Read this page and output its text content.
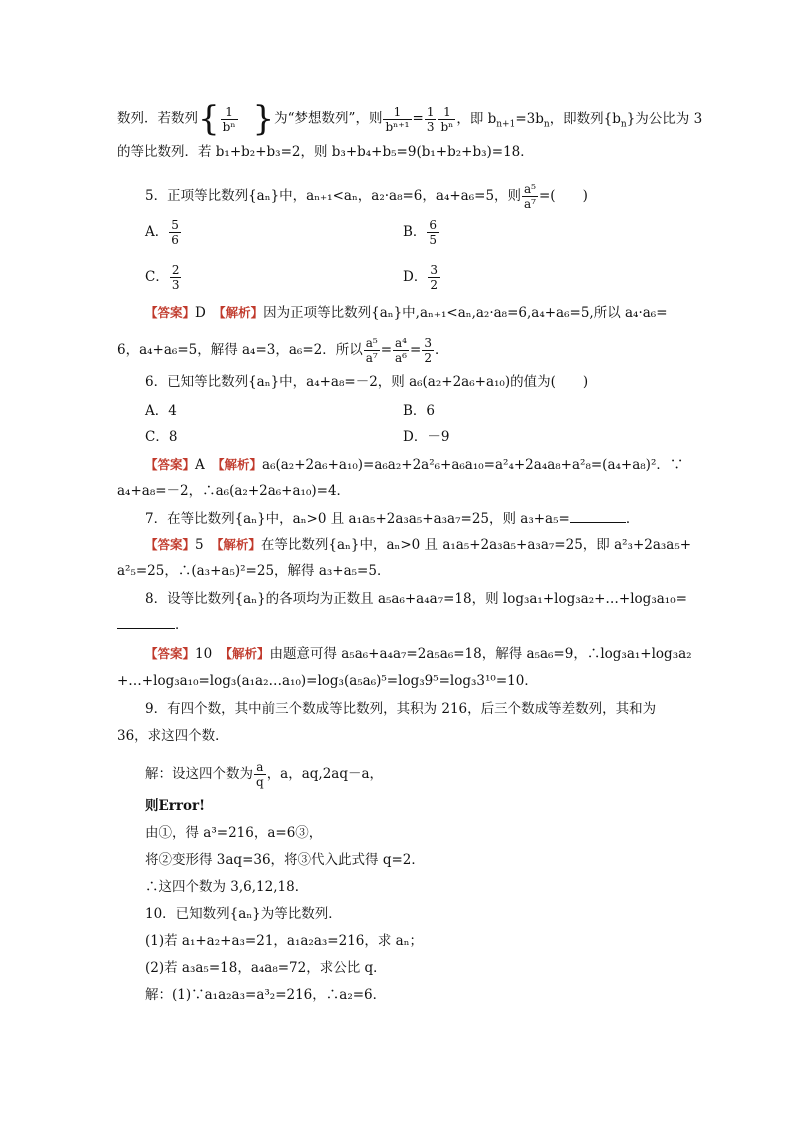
数列．若数列{ $\frac{1}{\text{bⁿ}}$ }为“梦想数列”，则 $\frac{1}{\text{bⁿ⁺¹}} = \frac{1}{3} \frac{1}{\text{bⁿ}}$ ，即 $b_{n+1}=3b_n$，即数列$\{b_n\}$为公比为 3
的等比数列．若 b₁+b₂+b₃=2，则 b₃+b₄+b₅=9(b₁+b₂+b₃)=18．
5．正项等比数列{aₙ}中，aₙ₊₁<aₙ，a₂·a₈=6，a₄+a₆=5，则 $\frac{\text{a⁵}}{\text{a⁷}}$ =(　　)
A． $\frac{5}{6}$	B． $\frac{6}{5}$
C． $\frac{2}{3}$	D． $\frac{3}{2}$
【答案】D　 【解析】因为正项等比数列{aₙ}中,aₙ₊₁<aₙ,a₂·a₈=6,a₄+a₆=5,所以 a₄·a₆=
6，a₄+a₆=5，解得 a₄=3，a₆=2．所以 $\frac{\text{a⁵}}{\text{a⁷}} = \frac{\text{a⁴}}{\text{a⁶}} = \frac{3}{2}$ ．
6．已知等比数列{aₙ}中，a₄+a₈=－2，则 a₆(a₂+2a₆+a₁₀)的值为(　　)
A．4	B．6
C．8	D．－9
【答案】A　 【解析】a₆(a₂+2a₆+a₁₀)=a₆a₂+2a²₆+a₆a₁₀=a²₄+2a₄a₈+a²₈=(a₄+a₈)²．∵
a₄+a₈=－2，∴a₆(a₂+2a₆+a₁₀)=4．
7．在等比数列{aₙ}中，aₙ>0 且 a₁a₅+2a₃a₅+a₃a₇=25，则 a₃+a₅=	．
【答案】5　 【解析】在等比数列{aₙ}中，aₙ>0 且 a₁a₅+2a₃a₅+a₃a₇=25，即 a²₃+2a₃a₅+
a²₅=25，∴(a₃+a₅)²=25，解得 a₃+a₅=5．
8．设等比数列{aₙ}的各项均为正数且 a₅a₆+a₄a₇=18，则 log₃a₁+log₃a₂+…+log₃a₁₀=
．
【答案】10　 【解析】由题意可得 a₅a₆+a₄a₇=2a₅a₆=18，解得 a₅a₆=9，∴log₃a₁+log₃a₂
+…+log₃a₁₀=log₃(a₁a₂…a₁₀)=log₃(a₅a₆)⁵=log₃9⁵=log₃3¹⁰=10．
9．有四个数，其中前三个数成等比数列，其积为 216，后三个数成等差数列，其和为
36，求这四个数．
解：设这四个数为 $\frac{a}{q}$ ，a，aq,2aq－a，
则Error!
由①，得 a³=216，a=6③，
将②变形得 3aq=36，将③代入此式得 q=2．
∴这四个数为 3,6,12,18．
10．已知数列{aₙ}为等比数列．
(1)若 a₁+a₂+a₃=21，a₁a₂a₃=216，求 aₙ；
(2)若 a₃a₅=18，a₄a₈=72，求公比 q．
解：(1)∵a₁a₂a₃=a³₂=216，∴a₂=6．
